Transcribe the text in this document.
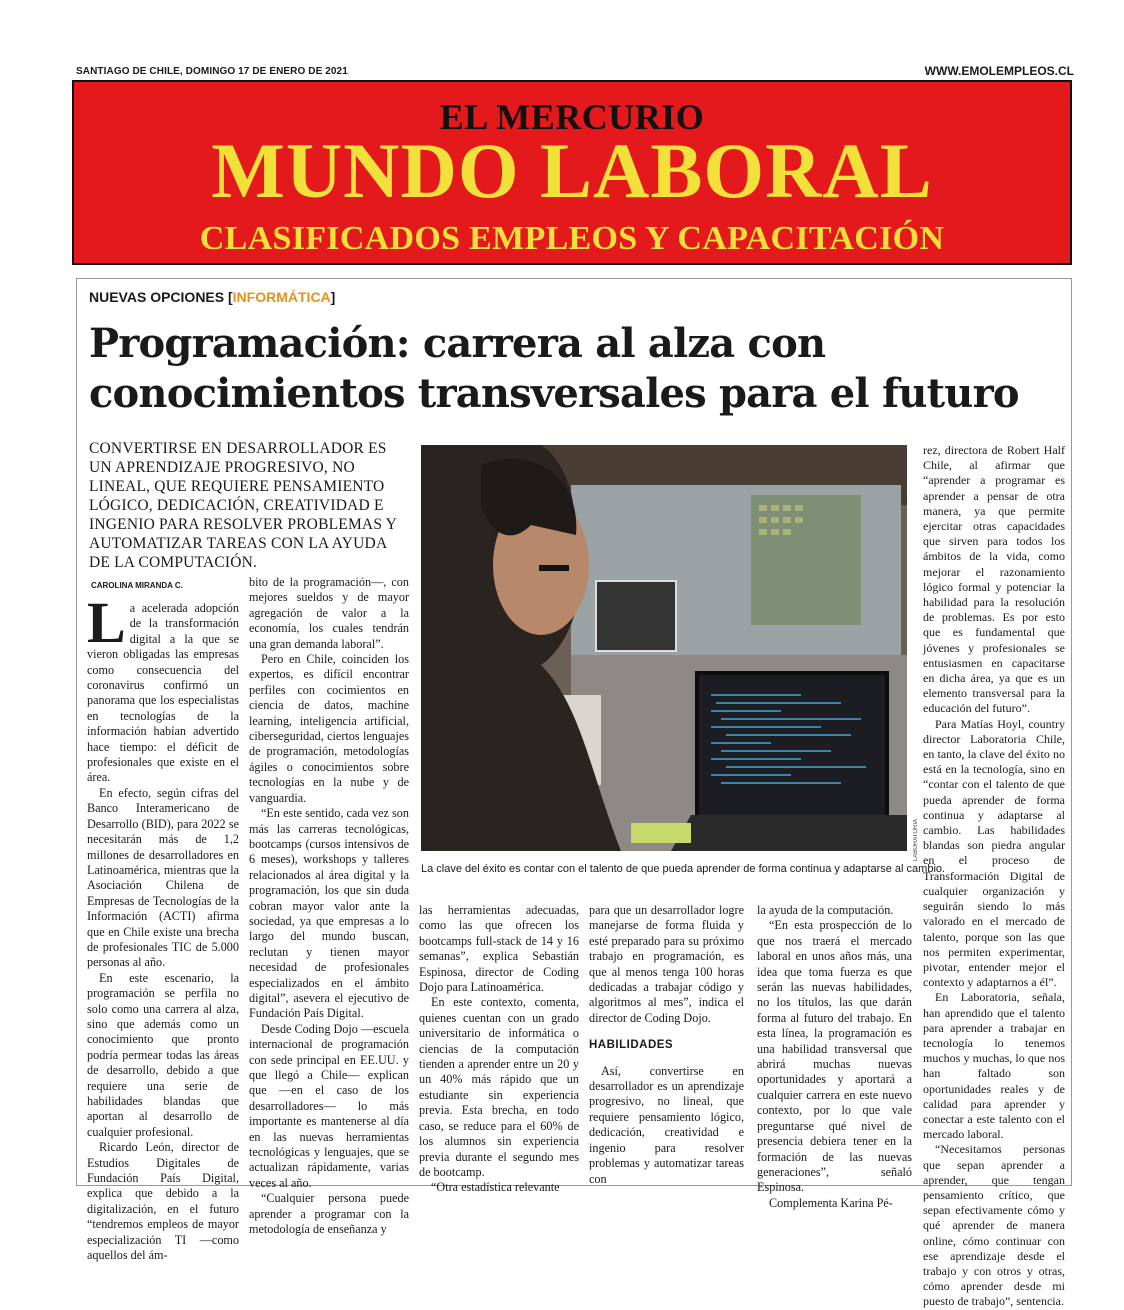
SANTIAGO DE CHILE, DOMINGO 17 DE ENERO DE 2021	WWW.EMOLEMPLEOS.CL
EL MERCURIO
MUNDO LABORAL
CLASIFICADOS EMPLEOS Y CAPACITACIÓN
NUEVAS OPCIONES [INFORMÁTICA]
Programación: carrera al alza con
conocimientos transversales para el futuro
CONVERTIRSE EN DESARROLLADOR ES UN APRENDIZAJE PROGRESIVO, NO LINEAL, QUE REQUIERE PENSAMIENTO LÓGICO, DEDICACIÓN, CREATIVIDAD E INGENIO PARA RESOLVER PROBLEMAS Y AUTOMATIZAR TAREAS CON LA AYUDA DE LA COMPUTACIÓN.
CAROLINA MIRANDA C.
LABORATORIA
La clave del éxito es contar con el talento de que pueda aprender de forma continua y adaptarse al cambio.

La acelerada adopción de la transformación digital a la que se vieron obligadas las empresas como consecuencia del coronavirus confirmó un panorama que los especialistas en tecnologías de la información habían advertido hace tiempo: el déficit de profesionales que existe en el área.

En efecto, según cifras del Banco Interamericano de Desarrollo (BID), para 2022 se necesitarán más de 1,2 millones de desarrolladores en Latinoamérica, mientras que la Asociación Chilena de Empresas de Tecnologías de la Información (ACTI) afirma que en Chile existe una brecha de profesionales TIC de 5.000 personas al año.

En este escenario, la programación se perfila no solo como una carrera al alza, sino que además como un conocimiento que pronto podría permear todas las áreas de desarrollo, debido a que requiere una serie de habilidades blandas que aportan al desarrollo de cualquier profesional.

Ricardo León, director de Estudios Digitales de Fundación País Digital, explica que debido a la digitalización, en el futuro “tendremos empleos de mayor especialización TI —como aquellos del ám-

bito de la programación—, con mejores sueldos y de mayor agregación de valor a la economía, los cuales tendrán una gran demanda laboral”.

Pero en Chile, coinciden los expertos, es difícil encontrar perfiles con cocimientos en ciencia de datos, machine learning, inteligencia artificial, ciberseguridad, ciertos lenguajes de programación, metodologías ágiles o conocimientos sobre tecnologías en la nube y de vanguardia.

“En este sentido, cada vez son más las carreras tecnológicas, bootcamps (cursos intensivos de 6 meses), workshops y talleres relacionados al área digital y la programación, los que sin duda cobran mayor valor ante la sociedad, ya que empresas a lo largo del mundo buscan, reclutan y tienen mayor necesidad de profesionales especializados en el ámbito digital”, asevera el ejecutivo de Fundación País Digital.

Desde Coding Dojo —escuela internacional de programación con sede principal en EE.UU. y que llegó a Chile— explican que —en el caso de los desarrolladores— lo más importante es mantenerse al día en las nuevas herramientas tecnológicas y lenguajes, que se actualizan rápidamente, varias veces al año.

“Cualquier persona puede aprender a programar con la metodología de enseñanza y

las herramientas adecuadas, como las que ofrecen los bootcamps full-stack de 14 y 16 semanas”, explica Sebastián Espinosa, director de Coding Dojo para Latinoamérica.

En este contexto, comenta, quienes cuentan con un grado universitario de informática o ciencias de la computación tienden a aprender entre un 20 y un 40% más rápido que un estudiante sin experiencia previa. Esta brecha, en todo caso, se reduce para el 60% de los alumnos sin experiencia previa durante el segundo mes de bootcamp.

“Otra estadística relevante

para que un desarrollador logre manejarse de forma fluida y esté preparado para su próximo trabajo en programación, es que al menos tenga 100 horas dedicadas a trabajar código y algoritmos al mes”, indica el director de Coding Dojo.

HABILIDADES

Así, convertirse en desarrollador es un aprendizaje progresivo, no lineal, que requiere pensamiento lógico, dedicación, creatividad e ingenio para resolver problemas y automatizar tareas con

la ayuda de la computación.

“En esta prospección de lo que nos traerá el mercado laboral en unos años más, una idea que toma fuerza es que serán las nuevas habilidades, no los títulos, las que darán forma al futuro del trabajo. En esta línea, la programación es una habilidad transversal que abrirá muchas nuevas oportunidades y aportará a cualquier carrera en este nuevo contexto, por lo que vale preguntarse qué nivel de presencia debiera tener en la formación de las nuevas generaciones”, señaló Espinosa.

Complementa Karina Pé-

rez, directora de Robert Half Chile, al afirmar que “aprender a programar es aprender a pensar de otra manera, ya que permite ejercitar otras capacidades que sirven para todos los ámbitos de la vida, como mejorar el razonamiento lógico formal y potenciar la habilidad para la resolución de problemas. Es por esto que es fundamental que jóvenes y profesionales se entusiasmen en capacitarse en dicha área, ya que es un elemento transversal para la educación del futuro”.

Para Matías Hoyl, country director Laboratoria Chile, en tanto, la clave del éxito no está en la tecnología, sino en “contar con el talento de que pueda aprender de forma continua y adaptarse al cambio. Las habilidades blandas son piedra angular en el proceso de Transformación Digital de cualquier organización y seguirán siendo lo más valorado en el mercado de talento, porque son las que nos permiten experimentar, pivotar, entender mejor el contexto y adaptarnos a él”.

En Laboratoria, señala, han aprendido que el talento para aprender a trabajar en tecnología lo tenemos muchos y muchas, lo que nos han faltado son oportunidades reales y de calidad para aprender y conectar a este talento con el mercado laboral.

“Necesitamos personas que sepan aprender a aprender, que tengan pensamiento crítico, que sepan efectivamente cómo y qué aprender de manera online, cómo continuar con ese aprendizaje desde el trabajo y con otros y otras, cómo aprender desde mi puesto de trabajo”, sentencia.
